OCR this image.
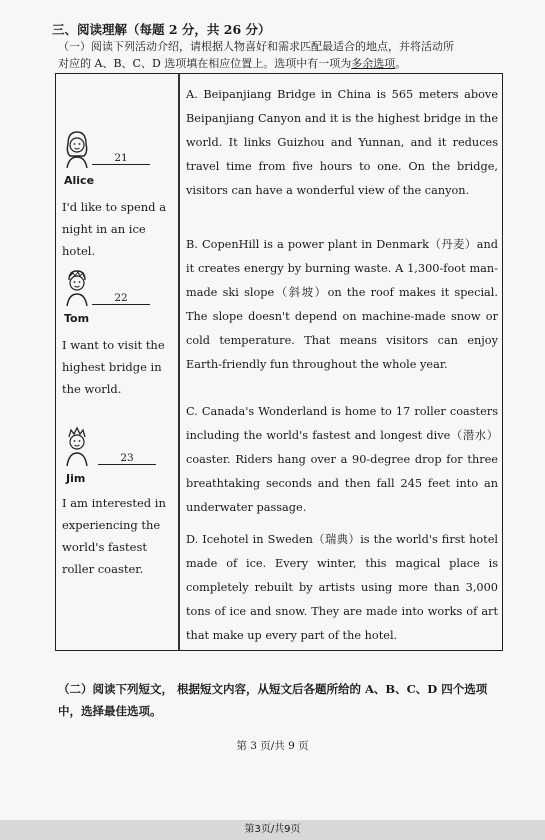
三、阅读理解（每题 2 分，共 26 分）
（一）阅读下列活动介绍，请根据人物喜好和需求匹配最适合的地点，并将活动所
对应的 A、B、C、D 选项填在相应位置上。选项中有一项为多余选项。
21
Alice
I'd like to spend a night in an ice hotel.
22
Tom
I want to visit the highest bridge in the world.
23
Jim
I am interested in experiencing the world's fastest roller coaster.
A. Beipanjiang Bridge in China is 565 meters above Beipanjiang Canyon and it is the highest bridge in the world. It links Guizhou and Yunnan, and it reduces travel time from five hours to one. On the bridge, visitors can have a wonderful view of the canyon.
B. CopenHill is a power plant in Denmark（丹麦）and it creates energy by burning waste. A 1,300-foot man-made ski slope（斜坡）on the roof makes it special. The slope doesn't depend on machine-made snow or cold temperature. That means visitors can enjoy Earth-friendly fun throughout the whole year.
C. Canada's Wonderland is home to 17 roller coasters including the world's fastest and longest dive（潜水）coaster. Riders hang over a 90-degree drop for three breathtaking seconds and then fall 245 feet into an underwater passage.
D. Icehotel in Sweden（瑞典）is the world's first hotel made of ice. Every winter, this magical place is completely rebuilt by artists using more than 3,000 tons of ice and snow. They are made into works of art that make up every part of the hotel.
（二）阅读下列短文， 根据短文内容，从短文后各题所给的 A、B、C、D 四个选项中，选择最佳选项。
第 3 页/共 9 页
第3页/共9页
